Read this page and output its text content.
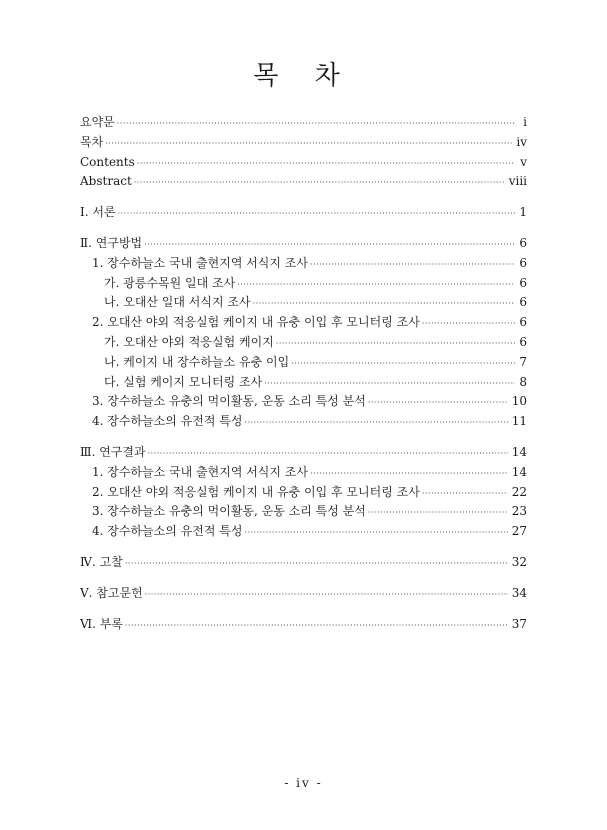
목 차
요약문 ·····	i
목차 ·····	iv
Contents ·····	v
Abstract ·····	viii
Ⅰ. 서론 ·····	1
Ⅱ. 연구방법 ·····	6
1. 장수하늘소 국내 출현지역 서식지 조사 ·····	6
가. 광릉수목원 일대 조사 ·····	6
나. 오대산 일대 서식지 조사 ·····	6
2. 오대산 야외 적응실험 케이지 내 유충 이입 후 모니터링 조사 ·····	6
가. 오대산 야외 적응실험 케이지 ·····	6
나. 케이지 내 장수하늘소 유충 이입 ·····	7
다. 실험 케이지 모니터링 조사 ·····	8
3. 장수하늘소 유충의 먹이활동, 운동 소리 특성 분석 ·····	10
4. 장수하늘소의 유전적 특성 ·····	11
Ⅲ. 연구결과 ·····	14
1. 장수하늘소 국내 출현지역 서식지 조사 ·····	14
2. 오대산 야외 적응실험 케이지 내 유충 이입 후 모니터링 조사 ·····	22
3. 장수하늘소 유충의 먹이활동, 운동 소리 특성 분석 ·····	23
4. 장수하늘소의 유전적 특성 ·····	27
Ⅳ. 고찰 ·····	32
Ⅴ. 참고문헌 ·····	34
Ⅵ. 부록 ·····	37
- iv -
